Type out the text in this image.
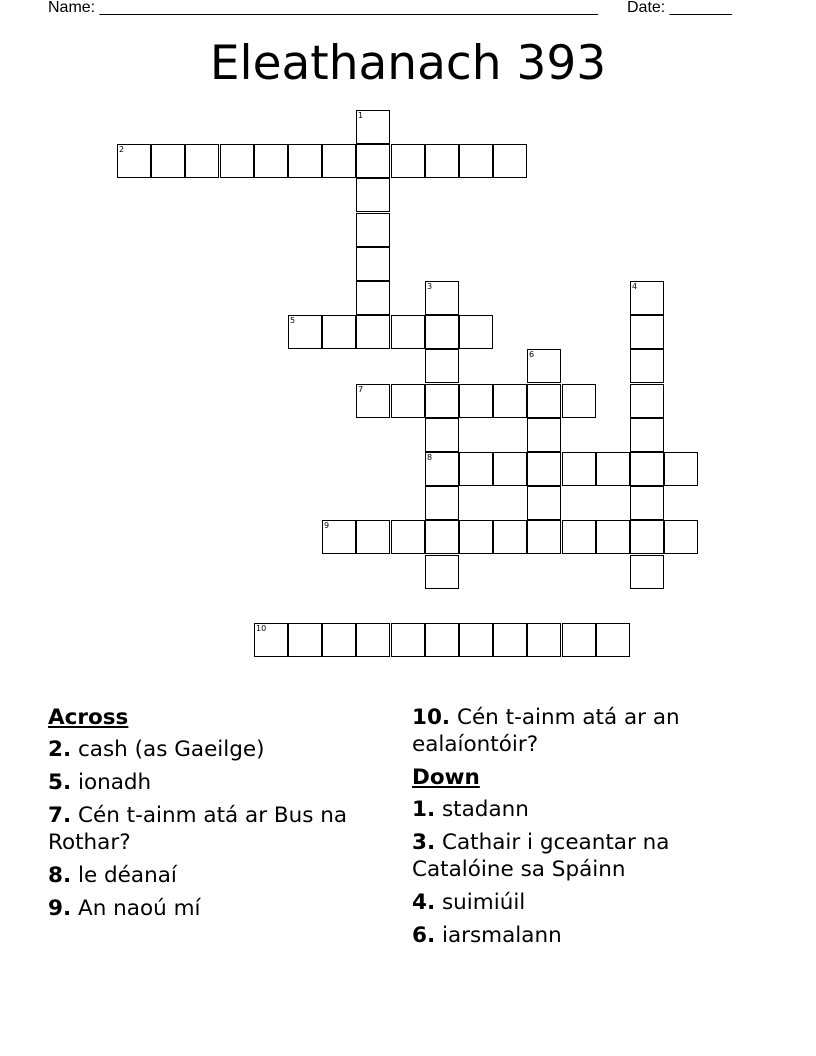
Name: ________________________________________________________ Date: _______
Eleathanach 393
1
2
3
8
4
5
6
7
9
10
Across
2. cash (as Gaeilge)
5. ionadh
7. Cén t-ainm atá ar Bus na Rothar?
8. le déanaí
9. An naoú mí
10. Cén t-ainm atá ar an ealaíontóir?
Down
1. stadann
3. Cathair i gceantar na Catalóine sa Spáinn
4. suimiúil
6. iarsmalann
